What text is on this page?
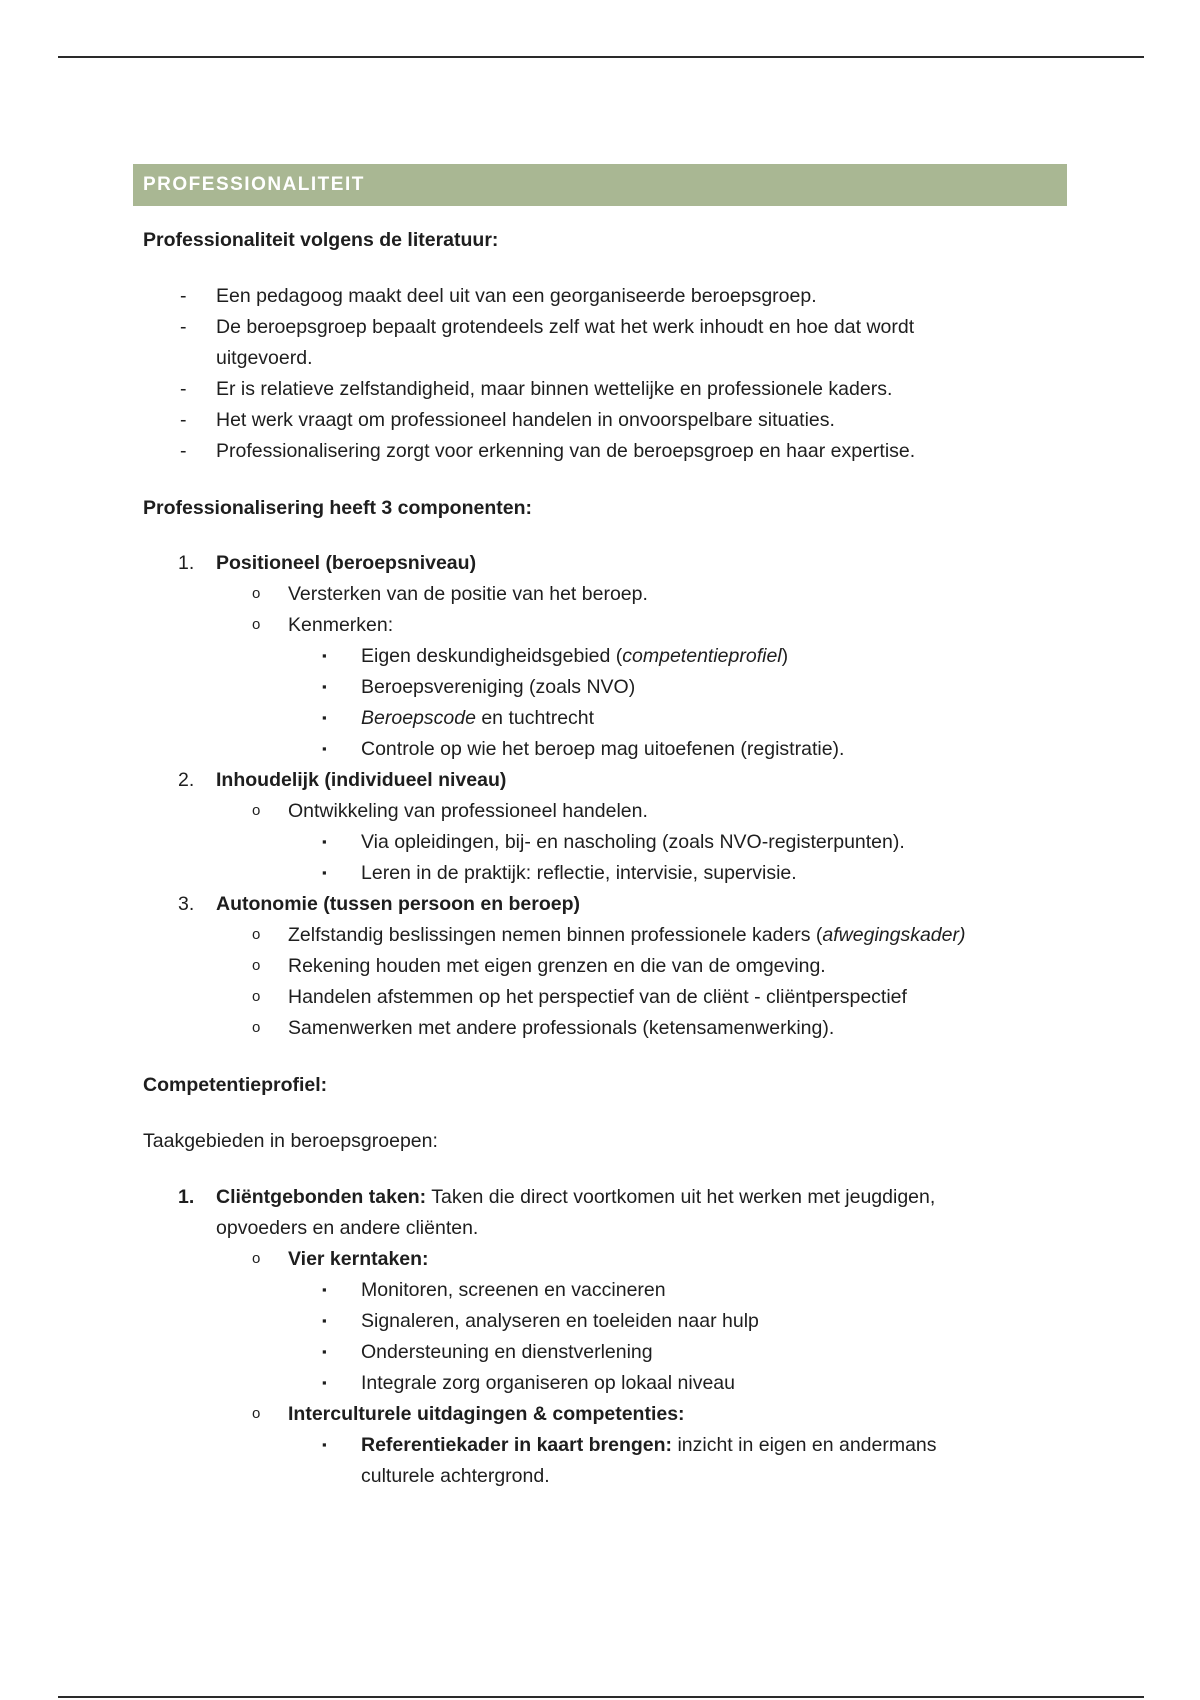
PROFESSIONALITEIT
Professionaliteit volgens de literatuur:
- Een pedagoog maakt deel uit van een georganiseerde beroepsgroep.
- De beroepsgroep bepaalt grotendeels zelf wat het werk inhoudt en hoe dat wordt
uitgevoerd.
- Er is relatieve zelfstandigheid, maar binnen wettelijke en professionele kaders.
- Het werk vraagt om professioneel handelen in onvoorspelbare situaties.
- Professionalisering zorgt voor erkenning van de beroepsgroep en haar expertise.
Professionalisering heeft 3 componenten:
1. Positioneel (beroepsniveau)
o Versterken van de positie van het beroep.
o Kenmerken:
▪ Eigen deskundigheidsgebied (competentieprofiel)
▪ Beroepsvereniging (zoals NVO)
▪ Beroepscode en tuchtrecht
▪ Controle op wie het beroep mag uitoefenen (registratie).
2. Inhoudelijk (individueel niveau)
o Ontwikkeling van professioneel handelen.
▪ Via opleidingen, bij- en nascholing (zoals NVO-registerpunten).
▪ Leren in de praktijk: reflectie, intervisie, supervisie.
3. Autonomie (tussen persoon en beroep)
o Zelfstandig beslissingen nemen binnen professionele kaders (afwegingskader)
o Rekening houden met eigen grenzen en die van de omgeving.
o Handelen afstemmen op het perspectief van de cliënt - cliëntperspectief
o Samenwerken met andere professionals (ketensamenwerking).
Competentieprofiel:
Taakgebieden in beroepsgroepen:
1. Cliëntgebonden taken: Taken die direct voortkomen uit het werken met jeugdigen,
opvoeders en andere cliënten.
o Vier kerntaken:
▪ Monitoren, screenen en vaccineren
▪ Signaleren, analyseren en toeleiden naar hulp
▪ Ondersteuning en dienstverlening
▪ Integrale zorg organiseren op lokaal niveau
o Interculturele uitdagingen & competenties:
▪ Referentiekader in kaart brengen: inzicht in eigen en andermans
culturele achtergrond.
